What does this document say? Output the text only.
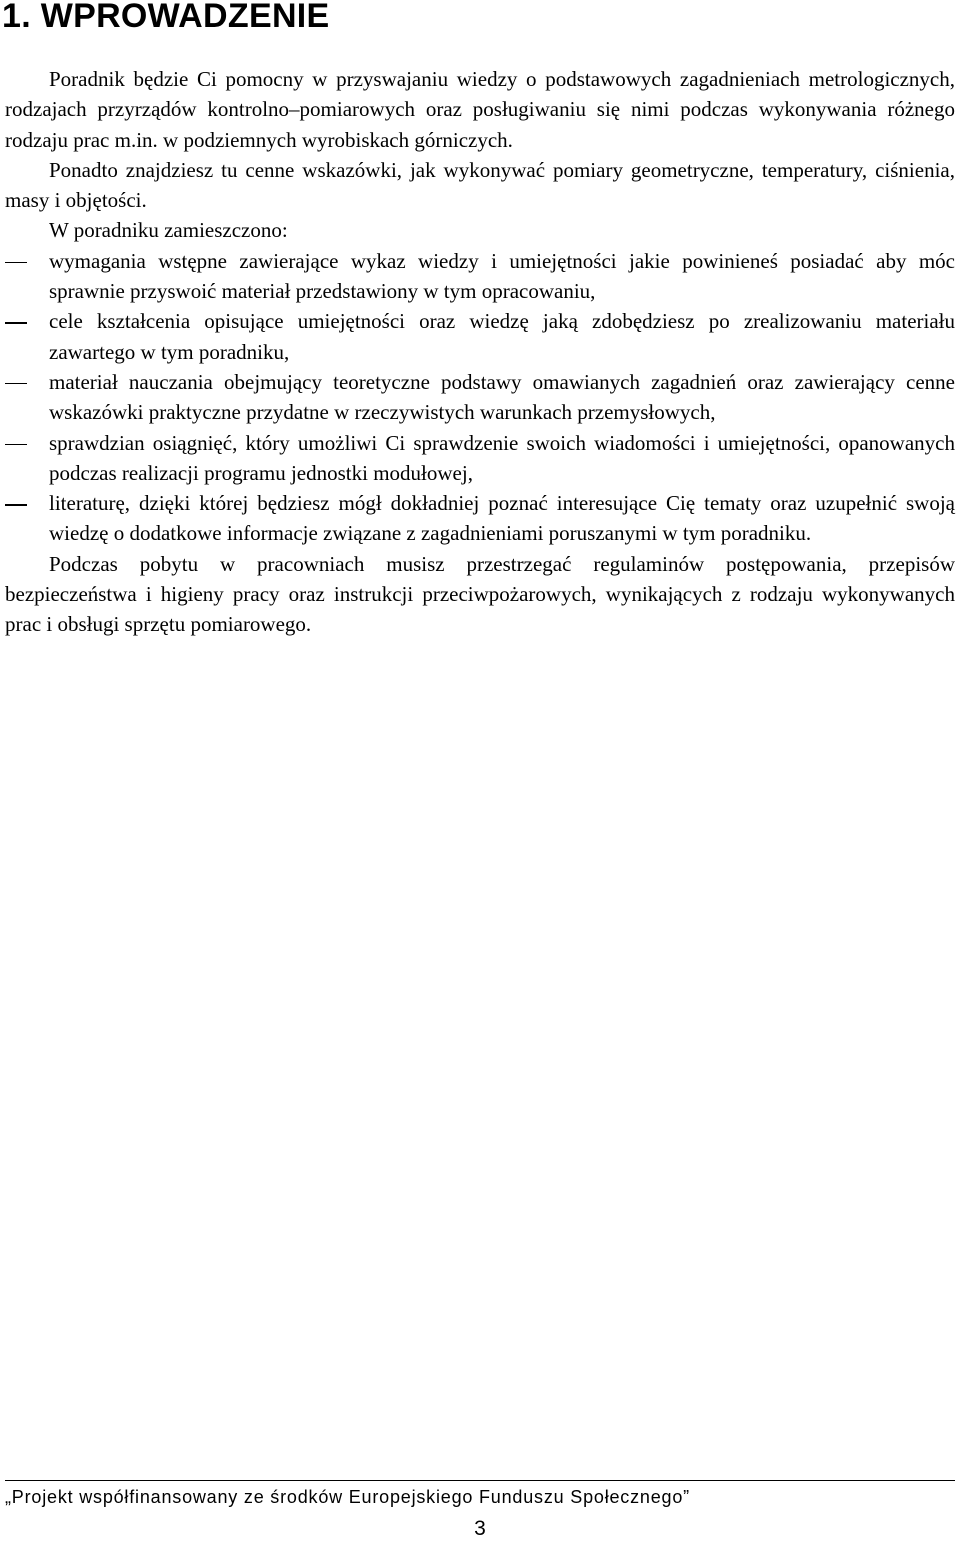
1. WPROWADZENIE

Poradnik będzie Ci pomocny w przyswajaniu wiedzy o podstawowych zagadnieniach metrologicznych, rodzajach przyrządów kontrolno–pomiarowych oraz posługiwaniu się nimi podczas wykonywania różnego rodzaju prac m.in. w podziemnych wyrobiskach górniczych.

Ponadto znajdziesz tu cenne wskazówki, jak wykonywać pomiary geometryczne, temperatury, ciśnienia, masy i objętości.

W poradniku zamieszczono:

wymagania wstępne zawierające wykaz wiedzy i umiejętności jakie powinieneś posiadać aby móc sprawnie przyswoić materiał przedstawiony w tym opracowaniu,
cele kształcenia opisujące umiejętności oraz wiedzę jaką zdobędziesz po zrealizowaniu materiału zawartego w tym poradniku,
materiał nauczania obejmujący teoretyczne podstawy omawianych zagadnień oraz zawierający cenne wskazówki praktyczne przydatne w rzeczywistych warunkach przemysłowych,
sprawdzian osiągnięć, który umożliwi Ci sprawdzenie swoich wiadomości i umiejętności, opanowanych podczas realizacji programu jednostki modułowej,
literaturę, dzięki której będziesz mógł dokładniej poznać interesujące Cię tematy oraz uzupełnić swoją wiedzę o dodatkowe informacje związane z zagadnieniami poruszanymi w tym poradniku.

Podczas pobytu w pracowniach musisz przestrzegać regulaminów postępowania, przepisów bezpieczeństwa i higieny pracy oraz instrukcji przeciwpożarowych, wynikających z rodzaju wykonywanych prac i obsługi sprzętu pomiarowego.

„Projekt współfinansowany ze środków Europejskiego Funduszu Społecznego”
3
